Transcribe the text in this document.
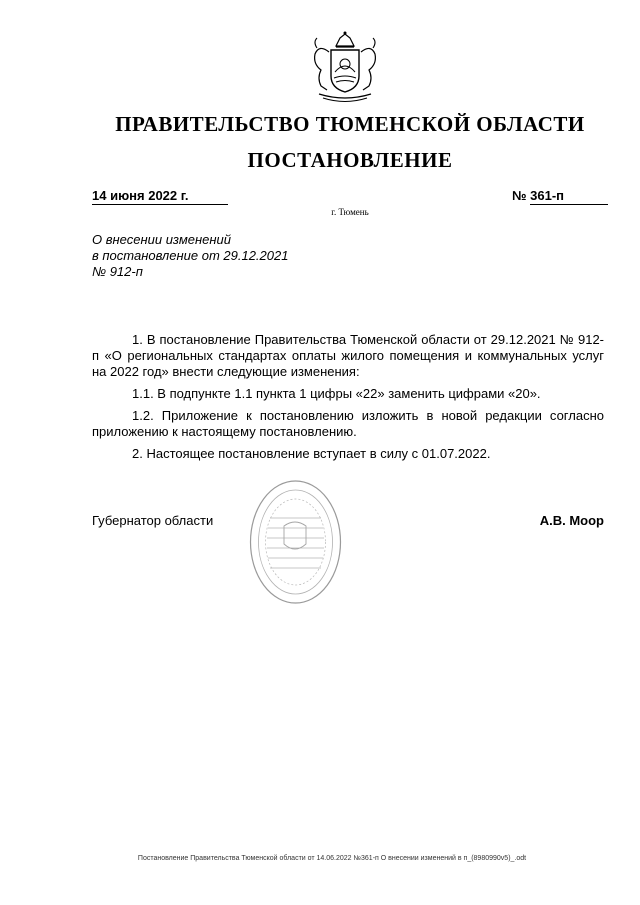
ПРАВИТЕЛЬСТВО ТЮМЕНСКОЙ ОБЛАСТИ
ПОСТАНОВЛЕНИЕ
14 июня 2022 г.	№ 361-п
г. Тюмень
О внесении изменений
в постановление от 29.12.2021
№ 912-п

1. В постановление Правительства Тюменской области от 29.12.2021 № 912-п «О региональных стандартах оплаты жилого помещения и коммунальных услуг на 2022 год» внести следующие изменения:

1.1. В подпункте 1.1 пункта 1 цифры «22» заменить цифрами «20».

1.2. Приложение к постановлению изложить в новой редакции согласно приложению к настоящему постановлению.

2. Настоящее постановление вступает в силу с 01.07.2022.

Губернатор области	А.В. Моор
Постановление Правительства Тюменской области от 14.06.2022 №361-п О внесении изменений в п_(8980990v5)_.odt
